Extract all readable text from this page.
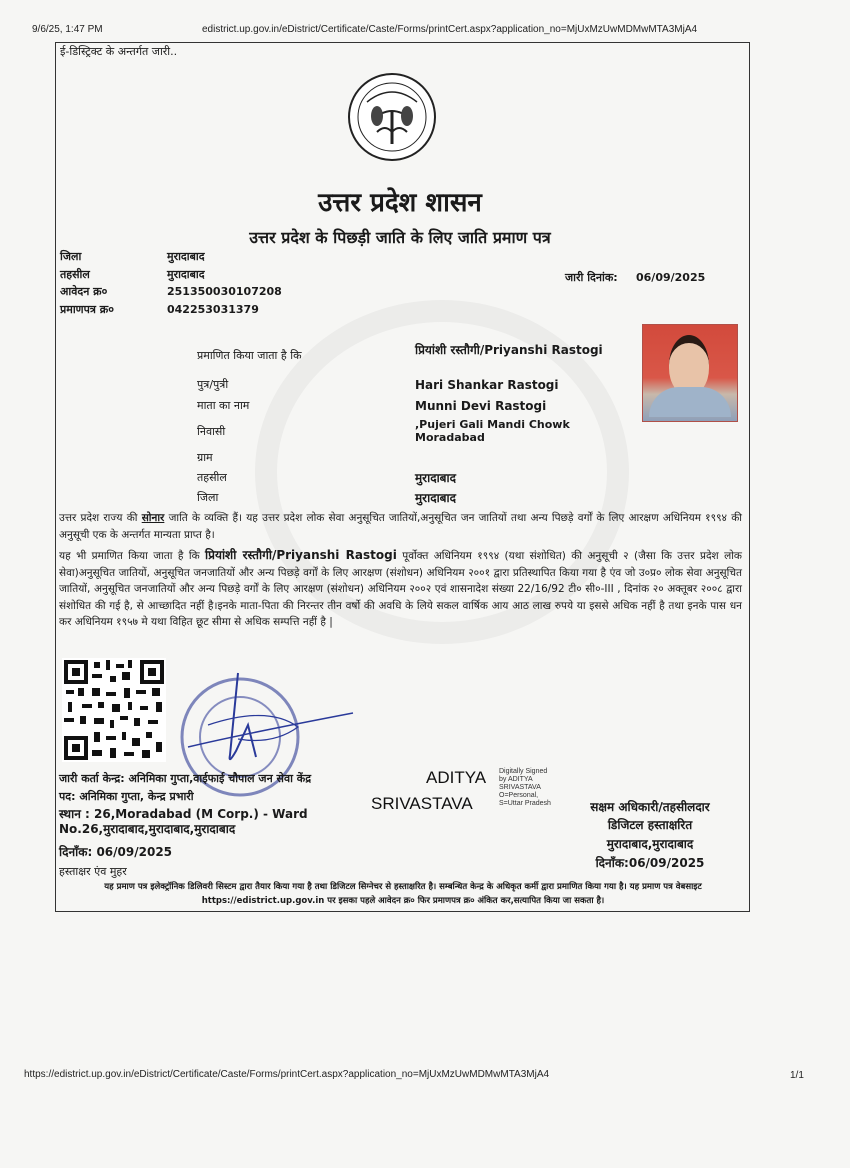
9/6/25, 1:47 PM	edistrict.up.gov.in/eDistrict/Certificate/Caste/Forms/printCert.aspx?application_no=MjUxMzUwMDMwMTA3MjA4
ई-डिस्ट्रिक्ट के अन्तर्गत जारी..
उत्तर प्रदेश शासन
उत्तर प्रदेश के पिछड़ी जाति के लिए जाति प्रमाण पत्र
जिला	मुरादाबाद
तहसील	मुरादाबाद
आवेदन क्र०	251350030107208
प्रमाणपत्र क्र०	042253031379
जारी दिनांक: 06/09/2025
प्रमाणित किया जाता है कि	प्रियांशी रस्तौगी/Priyanshi Rastogi
पुत्र/पुत्री	Hari Shankar Rastogi
माता का नाम	Munni Devi Rastogi
निवासी
,Pujeri Gali Mandi Chowk Moradabad
ग्राम
तहसील	मुरादाबाद
जिला	मुरादाबाद
उत्तर प्रदेश राज्य की सोनार जाति के व्यक्ति हैं। यह उत्तर प्रदेश लोक सेवा अनुसूचित जातियों,अनुसूचित जन जातियों तथा अन्य पिछड़े वर्गों के लिए आरक्षण अधिनियम १९९४ की अनुसूची एक के अन्तर्गत मान्यता प्राप्त है।
यह भी प्रमाणित किया जाता है कि प्रियांशी रस्तौगी/Priyanshi Rastogi पूर्वोक्त अधिनियम १९९४ (यथा संशोधित) की अनुसूची २ (जैसा कि उत्तर प्रदेश लोक सेवा)अनुसूचित जातियों, अनुसूचित जनजातियों और अन्य पिछड़े वर्गों के लिए आरक्षण (संशोधन) अधिनियम २००१ द्वारा प्रतिस्थापित किया गया है एंव जो उ०प्र० लोक सेवा अनुसूचित जातियों, अनुसूचित जनजातियों और अन्य पिछड़े वर्गों के लिए आरक्षण (संशोधन) अधिनियम २००२ एवं शासनादेश संख्या 22/16/92 टी० सी०-III , दिनांक २० अक्तूबर २००८ द्वारा संशोधित की गई है, से आच्छादित नहीं है।इनके माता-पिता की निरन्तर तीन वर्षो की अवधि के लिये सकल वार्षिक आय आठ लाख रुपये या इससे अधिक नहीं है तथा इनके पास धन कर अधिनियम १९५७ मे यथा विहित छूट सीमा से अधिक सम्पत्ति नहीं है |
जारी कर्ता केन्द्र: अनिमिका गुप्ता,वाईफाई चौपाल जन सेवा केंद्र
पद: अनिमिका गुप्ता, केन्द्र प्रभारी
स्थान : 26,Moradabad (M Corp.) - Ward No.26,मुरादाबाद,मुरादाबाद,मुरादाबाद
दिनाँक: 06/09/2025
हस्ताक्षर एंव मुहर
ADITYA
SRIVASTAVA
Digitally Signed by ADITYA SRIVASTAVA O=Personal, S=Uttar Pradesh	सक्षम अधिकारी/तहसीलदार
डिजिटल हस्ताक्षरित
मुरादाबाद,मुरादाबाद
दिनाँक:06/09/2025
यह प्रमाण पत्र इलेक्ट्रॉनिक डिलिवरी सिस्टम द्वारा तैयार किया गया है तथा डिजिटल सिग्नेचर से हस्ताक्षरित है। सम्बन्धित केन्द्र के अधिकृत कर्मी द्वारा प्रमाणित किया गया है। यह प्रमाण पत्र वेबसाइट https://edistrict.up.gov.in पर इसका पहले आवेदन क्र० फिर प्रमाणपत्र क्र० अंकित कर,सत्यापित किया जा सकता है।
https://edistrict.up.gov.in/eDistrict/Certificate/Caste/Forms/printCert.aspx?application_no=MjUxMzUwMDMwMTA3MjA4	1/1
